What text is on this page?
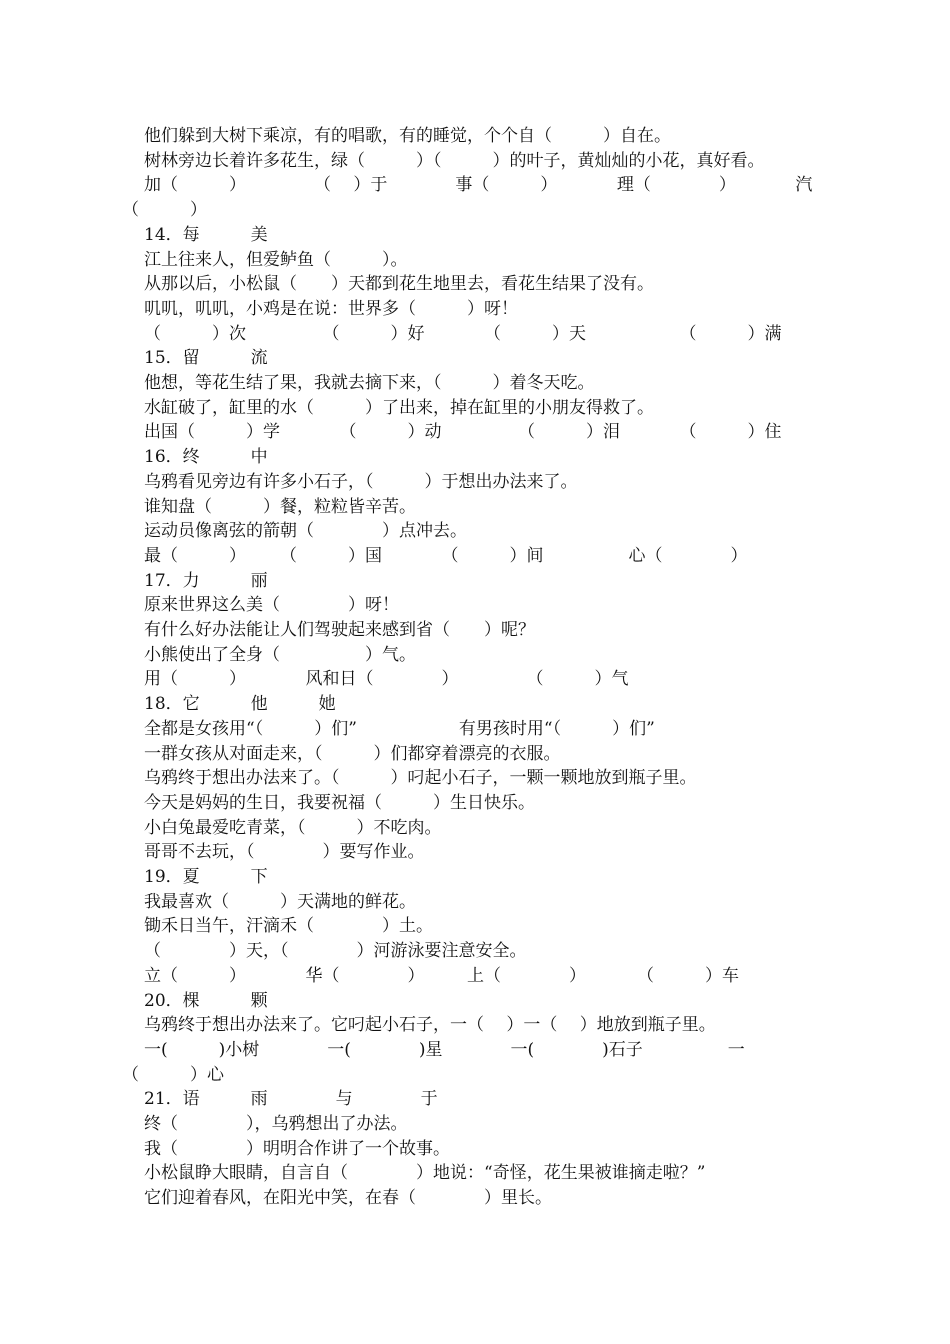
他们躲到大树下乘凉，有的唱歌，有的睡觉，个个自（　　　）自在。
树林旁边长着许多花生，绿（　　　）（　　　）的叶子，黄灿灿的小花，真好看。
加（　　　）　　　　　（　 ）于　　　　事（　　　）　　　　理（　　　　）　　　　汽
（　　　）
14．每　　　美
江上往来人，但爱鲈鱼（　　　）。
从那以后，小松鼠（　　）天都到花生地里去，看花生结果了没有。
叽叽，叽叽，小鸡是在说：世界多（　　　）呀！
（　　　）次　　　　　（　　　）好　　　　（　　　）天　　　　　　（　　　）满
15．留　　　流
他想，等花生结了果，我就去摘下来，（　　　）着冬天吃。
水缸破了，缸里的水（　　　）了出来，掉在缸里的小朋友得救了。
出国（　　　）学　　　　（　　　）动　　　　　（　　　）泪　　　　（　　　）住
16．终　　　中
乌鸦看见旁边有许多小石子，（　　　）于想出办法来了。
谁知盘（　　　）餐，粒粒皆辛苦。
运动员像离弦的箭朝（　　　　）点冲去。
最（　　　）　　　（　　　）国　　　　（　　　）间　　　　　心（　　　　）
17．力　　　丽
原来世界这么美（　　　　）呀！
有什么好办法能让人们驾驶起来感到省（　　）呢？
小熊使出了全身（　　　　　）气。
用（　　　）　　　　风和日（　　　　）　　　　　（　　　）气
18．它　　　他　　　她
全都是女孩用“（　　　）们”　　　　　　有男孩时用“（　　　）们”
一群女孩从对面走来，（　　　）们都穿着漂亮的衣服。
乌鸦终于想出办法来了。（　　　）叼起小石子，一颗一颗地放到瓶子里。
今天是妈妈的生日，我要祝福（　　　）生日快乐。
小白兔最爱吃青菜，（　　　）不吃肉。
哥哥不去玩，（　　　　）要写作业。
19．夏　　　下
我最喜欢（　　　）天满地的鲜花。
锄禾日当午，汗滴禾（　　　　）土。
（　　　　）天，（　　　　）河游泳要注意安全。
立（　　　）　　　　华（　　　　）　　　上（　　　　）　　　　（　　　）车
20．棵　　　颗
乌鸦终于想出办法来了。它叼起小石子，一（　 ）一（　 ）地放到瓶子里。
一(　　　)小树　　　　一(　　　　)星　　　　一(　　　　)石子　　　　　一
（　　　）心
21．语　　　雨　　　　与　　　　于
终（　　　　），乌鸦想出了办法。
我（　　　　）明明合作讲了一个故事。
小松鼠睁大眼睛，自言自（　　　　）地说：“奇怪，花生果被谁摘走啦？”
它们迎着春风，在阳光中笑，在春（　　　　）里长。
